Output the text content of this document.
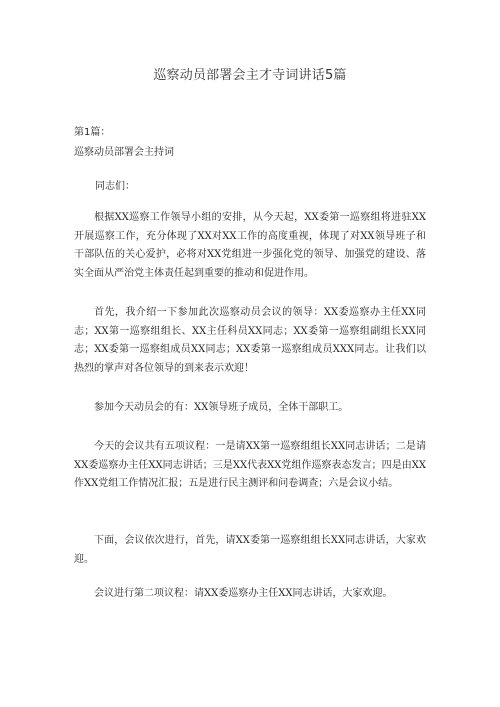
巡察动员部署会主才寺词讲话5篇
第1篇：
巡察动员部署会主持词
同志们：

根据XX巡察工作领导小组的安排，从今天起，XX委第一巡察组将进驻XX开展巡察工作，充分体现了XX对XX工作的高度重视，体现了对XX领导班子和干部队伍的关心爱护，必将对XX党组进一步强化党的领导、加强党的建设、落实全面从严治党主体责任起到重要的推动和促进作用。

首先，我介绍一下参加此次巡察动员会议的领导：XX委巡察办主任XX同志；XX第一巡察组组长、XX主任科员XX同志；XX委第一巡察组副组长XX同志；XX委第一巡察组成员XX同志；XX委第一巡察组成员XXX同志。让我们以热烈的掌声对各位领导的到来表示欢迎！

参加今天动员会的有：XX领导班子成员，全体干部职工。

今天的会议共有五项议程：一是请XX第一巡察组组长XX同志讲话；二是请XX委巡察办主任XX同志讲话；三是XX代表XX党组作巡察表态发言；四是由XX作XX党组工作情况汇报；五是进行民主测评和问卷调查；六是会议小结。

下面，会议依次进行，首先，请XX委第一巡察组组长XX同志讲话，大家欢迎。

会议进行第二项议程：请XX委巡察办主任XX同志讲话，大家欢迎。
